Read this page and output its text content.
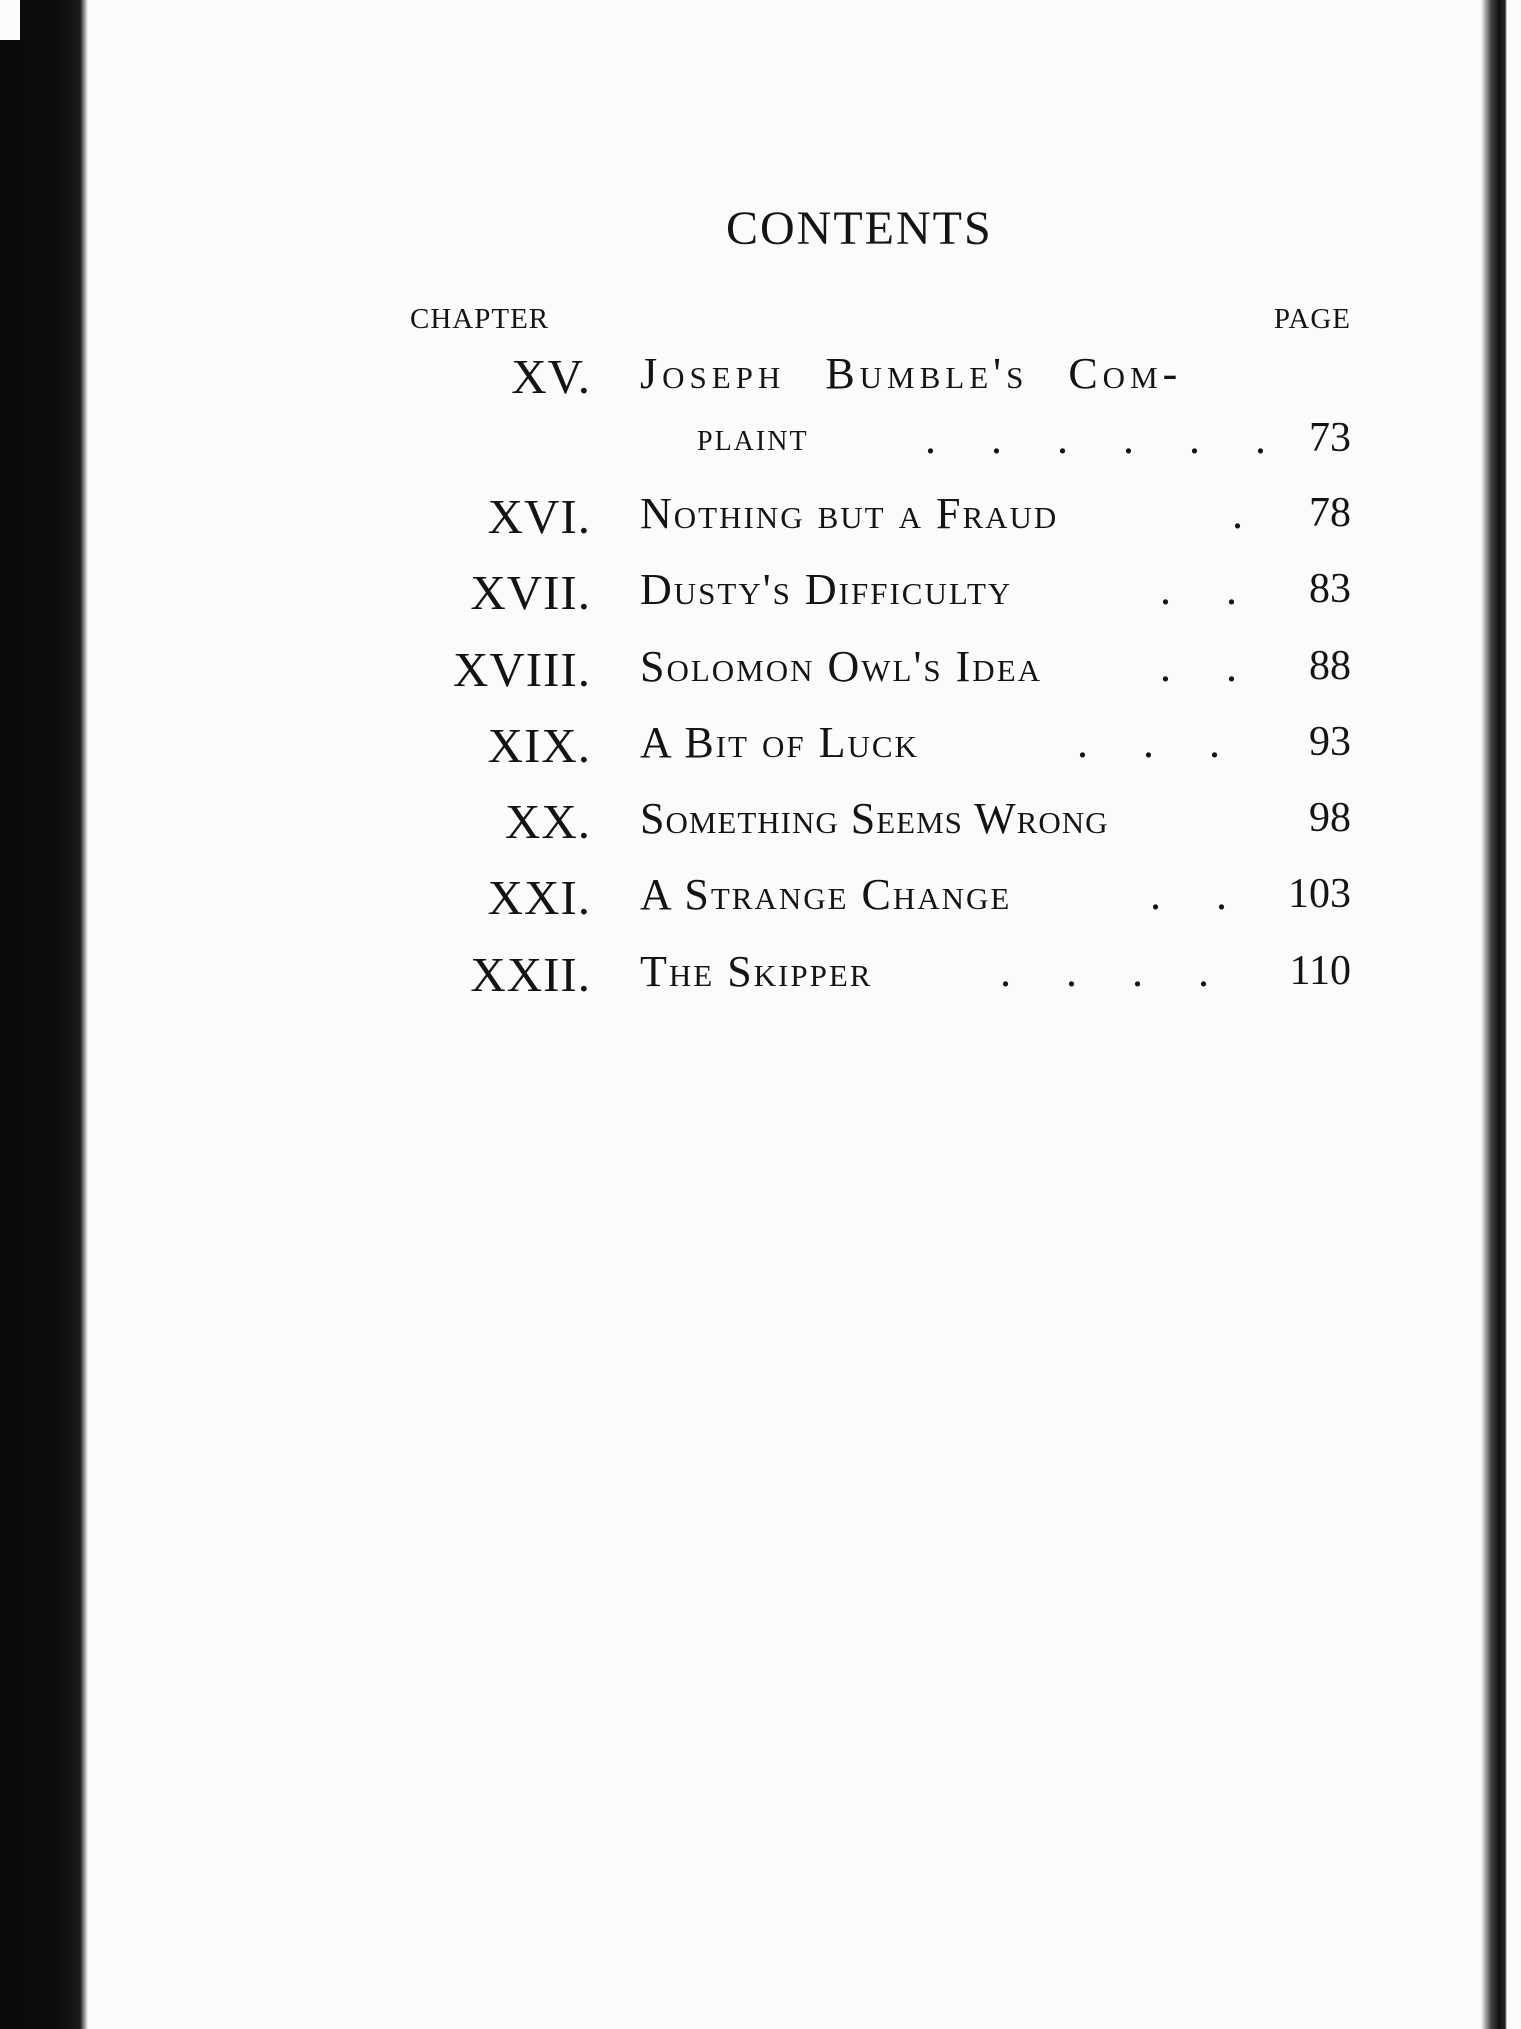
CONTENTS
CHAPTER	PAGE
XV. Joseph Bumble's Com-
plaint	. . . . . . 73
XVI. Nothing but a Fraud	. 78
XVII. Dusty's Difficulty	. . 83
XVIII. Solomon Owl's Idea	. . 88
XIX. A Bit of Luck	. . . 93
XX. Something Seems Wrong	98
XXI. A Strange Change	. . 103
XXII. The Skipper	. . . . 110
